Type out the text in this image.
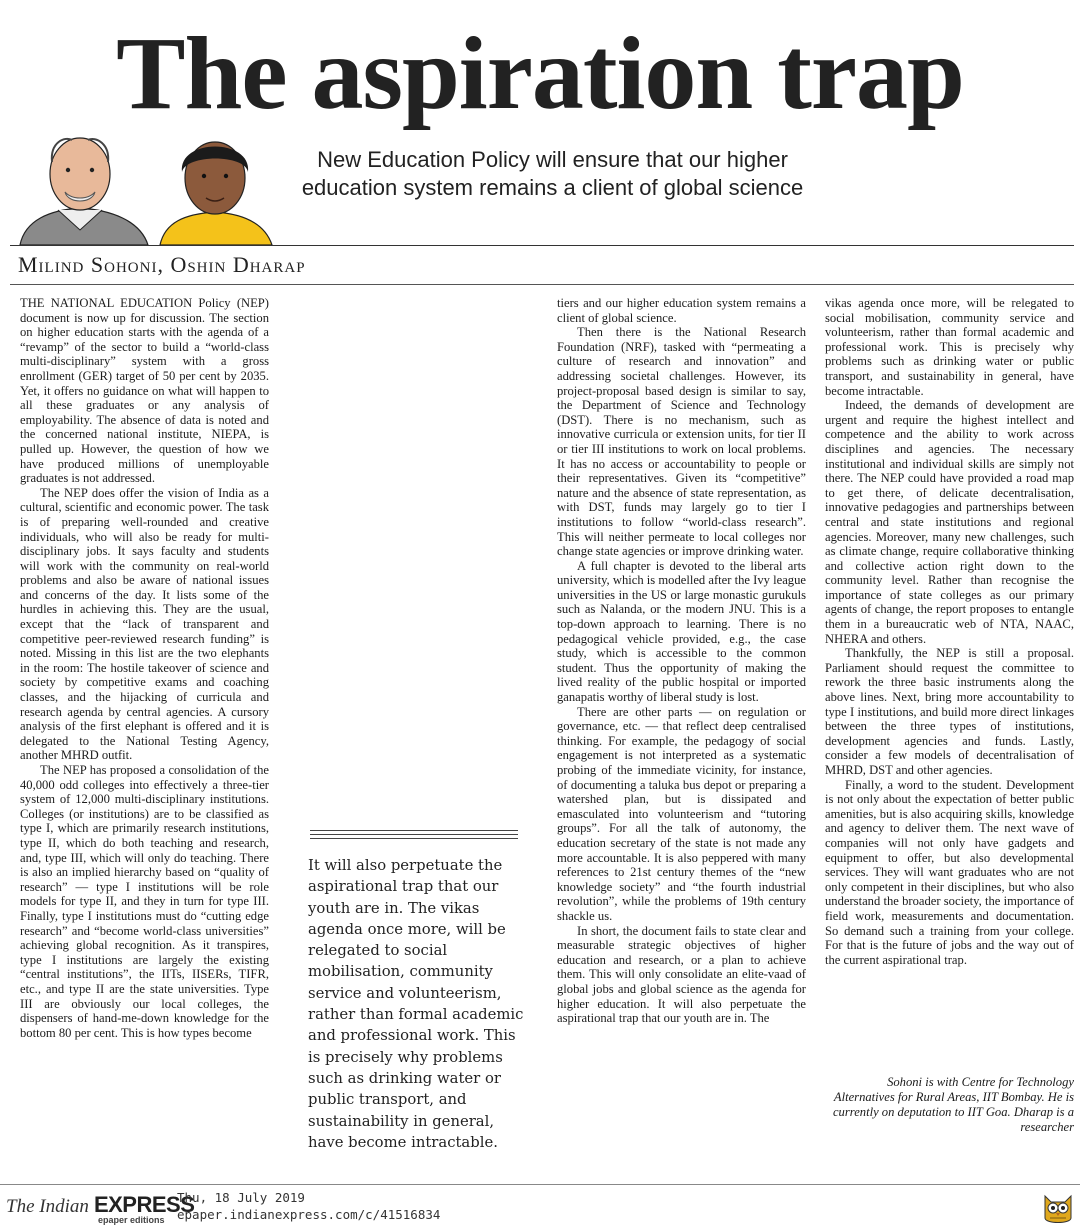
The aspiration trap
New Education Policy will ensure that our higher education system remains a client of global science
Milind Sohoni, Oshin Dharap

THE NATIONAL EDUCATION Policy (NEP) document is now up for discussion. The section on higher education starts with the agenda of a “revamp” of the sector to build a “world-class multi-disciplinary” system with a gross enrollment (GER) target of 50 per cent by 2035. Yet, it offers no guidance on what will happen to all these graduates or any analysis of employability. The absence of data is noted and the concerned national institute, NIEPA, is pulled up. However, the question of how we have produced millions of unemployable graduates is not addressed.

The NEP does offer the vision of India as a cultural, scientific and economic power. The task is of preparing well-rounded and creative individuals, who will also be ready for multi-disciplinary jobs. It says faculty and students will work with the community on real-world problems and also be aware of national issues and concerns of the day. It lists some of the hurdles in achieving this. They are the usual, except that the “lack of transparent and competitive peer-reviewed research funding” is noted. Missing in this list are the two elephants in the room: The hostile takeover of science and society by competitive exams and coaching classes, and the hijacking of curricula and research agenda by central agencies. A cursory analysis of the first elephant is offered and it is delegated to the National Testing Agency, another MHRD outfit.

The NEP has proposed a consolidation of the 40,000 odd colleges into effectively a three-tier system of 12,000 multi-disciplinary institutions. Colleges (or institutions) are to be classified as type I, which are primarily research institutions, type II, which do both teaching and research, and, type III, which will only do teaching. There is also an implied hierarchy based on “quality of research” — type I institutions will be role models for type II, and they in turn for type III. Finally, type I institutions must do “cutting edge research” and “become world-class universities” achieving global recognition. As it transpires, type I institutions are largely the existing “central institutions”, the IITs, IISERs, TIFR, etc., and type II are the state universities. Type III are obviously our local colleges, the dispensers of hand-me-down knowledge for the bottom 80 per cent. This is how types become

It will also perpetuate the aspirational trap that our youth are in. The vikas agenda once more, will be relegated to social mobilisation, community service and volunteerism, rather than formal academic and professional work. This is precisely why problems such as drinking water or public transport, and sustainability in general, have become intractable.

tiers and our higher education system remains a client of global science.

Then there is the National Research Foundation (NRF), tasked with “permeating a culture of research and innovation” and addressing societal challenges. However, its project-proposal based design is similar to say, the Department of Science and Technology (DST). There is no mechanism, such as innovative curricula or extension units, for tier II or tier III institutions to work on local problems. It has no access or accountability to people or their representatives. Given its “competitive” nature and the absence of state representation, as with DST, funds may largely go to tier I institutions to follow “world-class research”. This will neither permeate to local colleges nor change state agencies or improve drinking water.

A full chapter is devoted to the liberal arts university, which is modelled after the Ivy league universities in the US or large monastic gurukuls such as Nalanda, or the modern JNU. This is a top-down approach to learning. There is no pedagogical vehicle provided, e.g., the case study, which is accessible to the common student. Thus the opportunity of making the lived reality of the public hospital or imported ganapatis worthy of liberal study is lost.

There are other parts — on regulation or governance, etc. — that reflect deep centralised thinking. For example, the pedagogy of social engagement is not interpreted as a systematic probing of the immediate vicinity, for instance, of documenting a taluka bus depot or preparing a watershed plan, but is dissipated and emasculated into volunteerism and “tutoring groups”. For all the talk of autonomy, the education secretary of the state is not made any more accountable. It is also peppered with many references to 21st century themes of the “new knowledge society” and “the fourth industrial revolution”, while the problems of 19th century shackle us.

In short, the document fails to state clear and measurable strategic objectives of higher education and research, or a plan to achieve them. This will only consolidate an elite-vaad of global jobs and global science as the agenda for higher education. It will also perpetuate the aspirational trap that our youth are in. The

vikas agenda once more, will be relegated to social mobilisation, community service and volunteerism, rather than formal academic and professional work. This is precisely why problems such as drinking water or public transport, and sustainability in general, have become intractable.

Indeed, the demands of development are urgent and require the highest intellect and competence and the ability to work across disciplines and agencies. The necessary institutional and individual skills are simply not there. The NEP could have provided a road map to get there, of delicate decentralisation, innovative pedagogies and partnerships between central and state institutions and regional agencies. Moreover, many new challenges, such as climate change, require collaborative thinking and collective action right down to the community level. Rather than recognise the importance of state colleges as our primary agents of change, the report proposes to entangle them in a bureaucratic web of NTA, NAAC, NHERA and others.

Thankfully, the NEP is still a proposal. Parliament should request the committee to rework the three basic instruments along the above lines. Next, bring more accountability to type I institutions, and build more direct linkages between the three types of institutions, development agencies and funds. Lastly, consider a few models of decentralisation of MHRD, DST and other agencies.

Finally, a word to the student. Development is not only about the expectation of better public amenities, but is also acquiring skills, knowledge and agency to deliver them. The next wave of companies will not only have gadgets and equipment to offer, but also developmental services. They will want graduates who are not only competent in their disciplines, but who also understand the broader society, the importance of field work, measurements and documentation. So demand such a training from your college. For that is the future of jobs and the way out of the current aspirational trap.

Sohoni is with Centre for Technology Alternatives for Rural Areas, IIT Bombay. He is currently on deputation to IIT Goa. Dharap is a researcher
The Indian EXPRESS
epaper editions
Thu, 18 July 2019
epaper.indianexpress.com/c/41516834
